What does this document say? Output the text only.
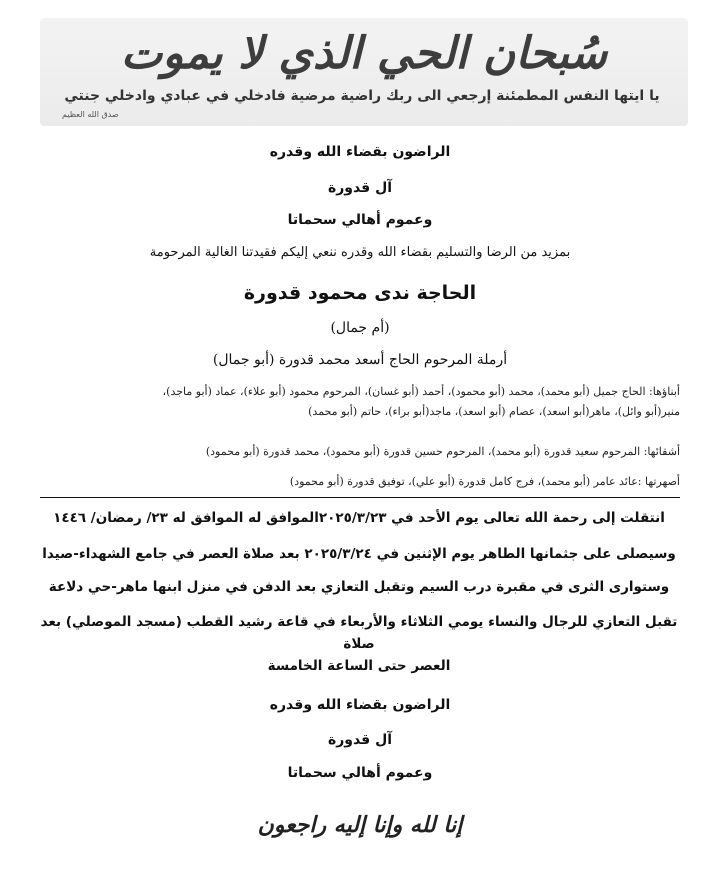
سُبحان الحي الذي لا يموت
يا ايتها النفس المطمئنة إرجعي الى ربك راضية مرضية فادخلي في عبادي وادخلي جنتي
صدق الله العظيم
الراضون بقضاء الله وقدره
آل قدورة
وعموم أهالي سحماتا
بمزيد من الرضا والتسليم بقضاء الله وقدره ننعي إليكم فقيدتنا الغالية المرحومة
الحاجة ندى محمود قدورة
(أم جمال)
أرملة المرحوم الحاج أسعد محمد قدورة (أبو جمال)
أبناؤها: الحاج جميل (أبو محمد)، محمد (أبو محمود)، أحمد (أبو غسان)، المرحوم محمود (أبو علاء)، عماد (أبو ماجد)،
منير(أبو وائل)، ماهر(أبو اسعد)، عصام (أبو اسعد)، ماجد(أبو براء)، حاتم (أبو محمد)
أشقائها: المرحوم سعيد قدورة (أبو محمد)، المرحوم حسين قدورة (أبو محمود)، محمد قدورة (أبو محمود)
أصهرتها :عائد عامر (أبو محمد)، فرج كامل قدورة (أبو علي)، توفيق قدورة (أبو محمود)
انتقلت إلى رحمة الله تعالى يوم الأحد في ٢٠٢٥/٣/٢٣الموافق له الموافق له ٢٣/ رمضان/ ١٤٤٦
وسيصلى على جثمانها الطاهر يوم الإثنين في ٢٠٢٥/٣/٢٤ بعد صلاة العصر في جامع الشهداء-صيدا
وستوارى الثرى في مقبرة درب السيم وتقبل التعازي بعد الدفن في منزل ابنها ماهر-حي دلاعة
تقبل التعازي للرجال والنساء يومي الثلاثاء والأربعاء في قاعة رشيد القطب (مسجد الموصلي) بعد صلاة
العصر حتى الساعة الخامسة
الراضون بقضاء الله وقدره
آل قدورة
وعموم أهالي سحماتا
إنا لله وإنا إليه راجعون
